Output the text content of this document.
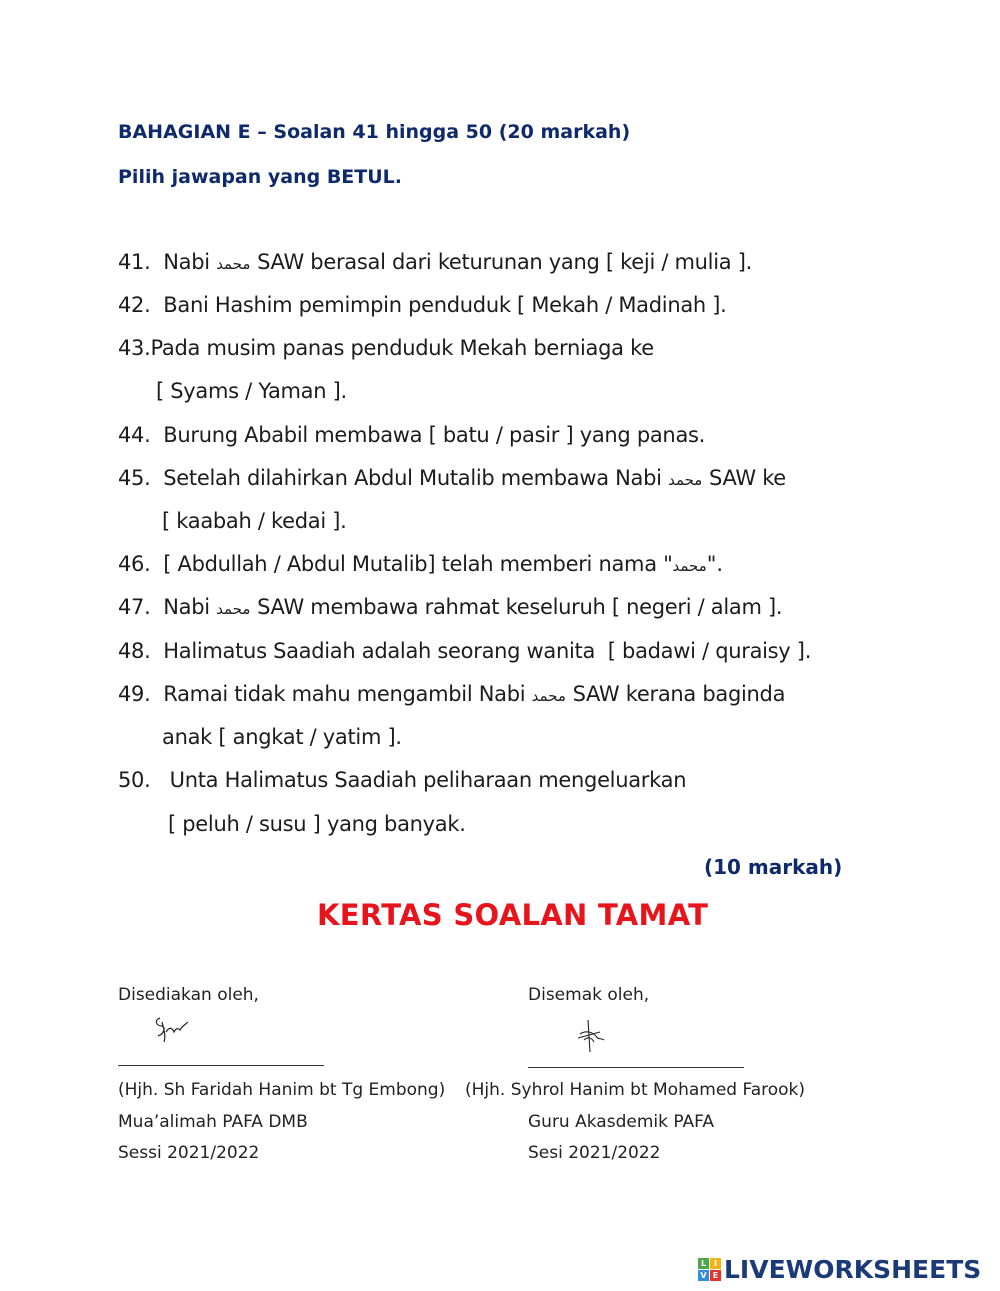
BAHAGIAN E – Soalan 41 hingga 50 (20 markah)
Pilih jawapan yang BETUL.
41. Nabi محمد SAW berasal dari keturunan yang [ keji / mulia ].
42. Bani Hashim pemimpin penduduk [ Mekah / Madinah ].
43.Pada musim panas penduduk Mekah berniaga ke
[ Syams / Yaman ].
44. Burung Ababil membawa [ batu / pasir ] yang panas.
45. Setelah dilahirkan Abdul Mutalib membawa Nabi محمد SAW ke
[ kaabah / kedai ].
46. [ Abdullah / Abdul Mutalib] telah memberi nama "محمد".
47. Nabi محمد SAW membawa rahmat keseluruh [ negeri / alam ].
48. Halimatus Saadiah adalah seorang wanita  [ badawi / quraisy ].
49. Ramai tidak mahu mengambil Nabi محمد SAW kerana baginda
anak [ angkat / yatim ].
50. Unta Halimatus Saadiah peliharaan mengeluarkan
[ peluh / susu ] yang banyak.
(10 markah)
KERTAS SOALAN TAMAT
Disediakan oleh,
(Hjh. Sh Faridah Hanim bt Tg Embong)
Mua’alimah PAFA DMB
Sessi 2021/2022
Disemak oleh,
(Hjh. Syhrol Hanim bt Mohamed Farook)
Guru Akasdemik PAFA
Sesi 2021/2022
L I
V E LIVEWORKSHEETS
